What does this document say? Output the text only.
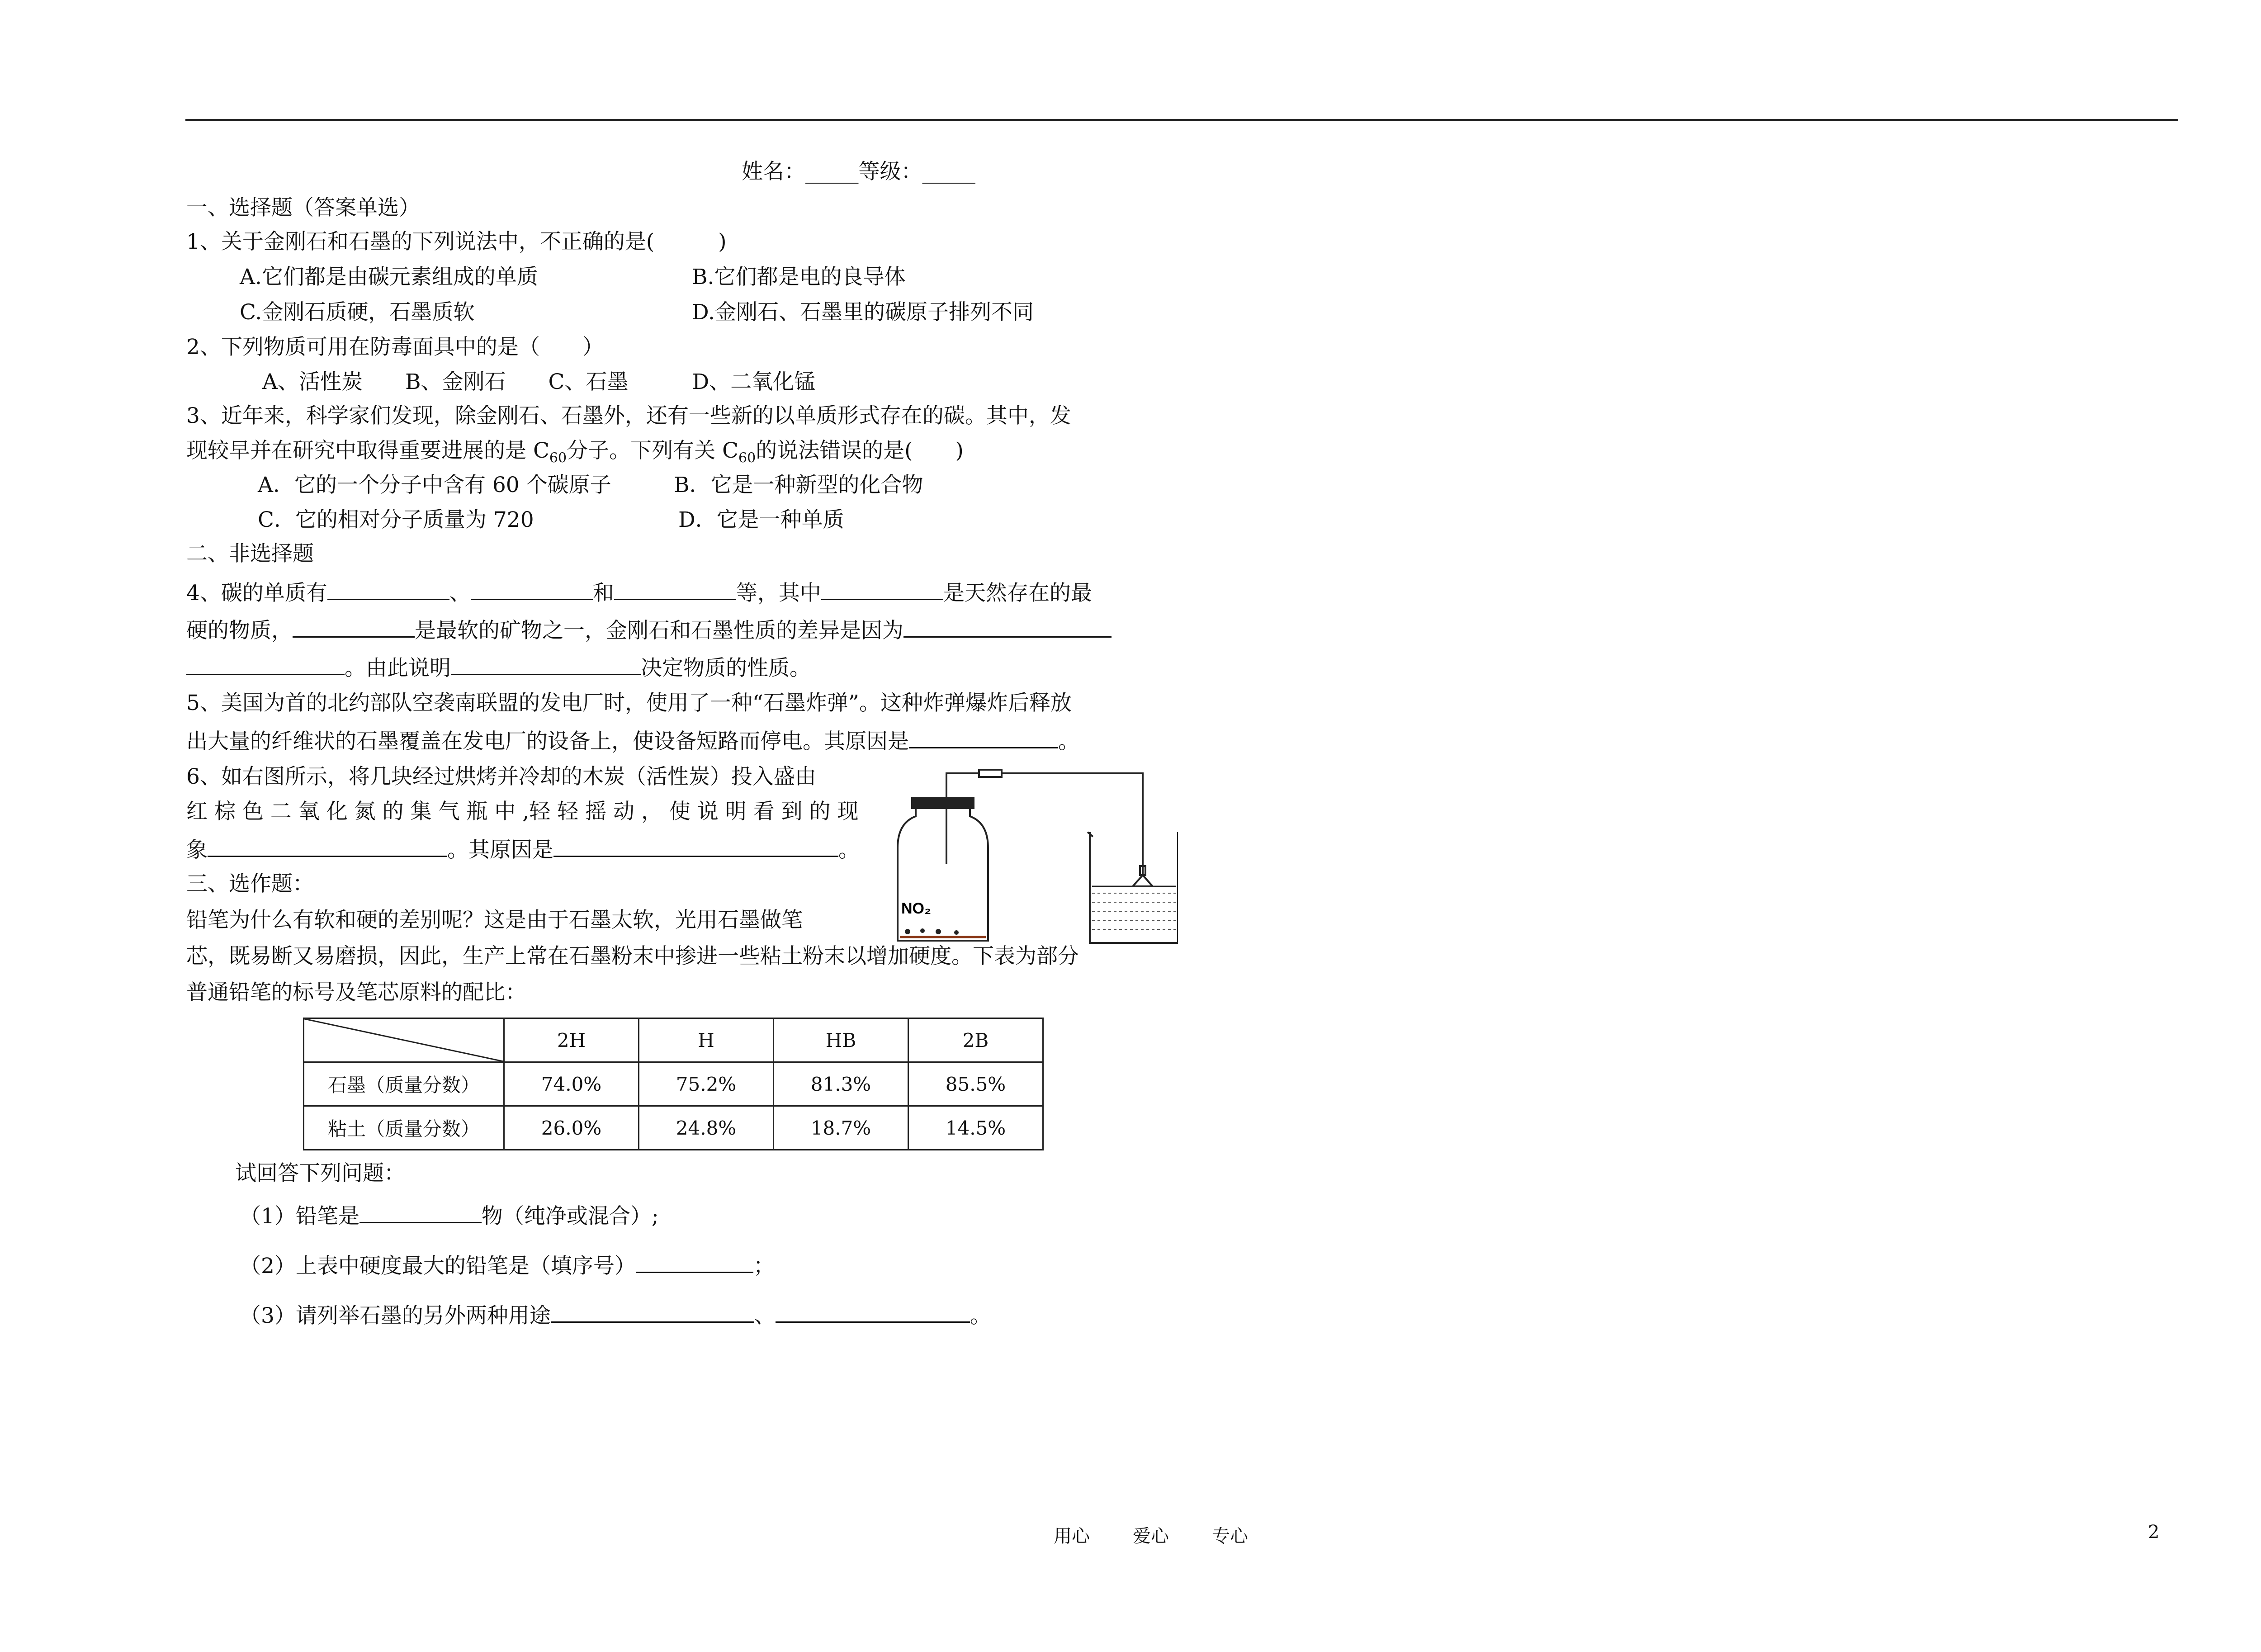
姓名：_____等级：_____
一、选择题（答案单选）
1、关于金刚石和石墨的下列说法中，不正确的是(　　　)
A.它们都是由碳元素组成的单质	B.它们都是电的良导体
C.金刚石质硬，石墨质软	D.金刚石、石墨里的碳原子排列不同
2、下列物质可用在防毒面具中的是（　　）
A、活性炭　　B、金刚石　　C、石墨　　　D、二氧化锰
3、近年来，科学家们发现，除金刚石、石墨外，还有一些新的以单质形式存在的碳。其中，发
现较早并在研究中取得重要进展的是 $C_{60}$分子。下列有关 $C_{60}$的说法错误的是(　　)
A．它的一个分子中含有 60 个碳原子	B．它是一种新型的化合物
C．它的相对分子质量为 720	D．它是一种单质
二、非选择题
4、碳的单质有	、	和	等，其中	是天然存在的最
硬的物质，	是最软的矿物之一，金刚石和石墨性质的差异是因为
。由此说明	决定物质的性质。
5、美国为首的北约部队空袭南联盟的发电厂时，使用了一种“石墨炸弹”。这种炸弹爆炸后释放
出大量的纤维状的石墨覆盖在发电厂的设备上，使设备短路而停电。其原因是	。
6、如右图所示，将几块经过烘烤并冷却的木炭（活性炭）投入盛由
红 棕 色 二 氧 化 氮 的 集 气 瓶 中 ,轻 轻 摇 动 ， 使 说 明 看 到 的 现
象	。其原因是	。
NO₂
三、选作题：
铅笔为什么有软和硬的差别呢？这是由于石墨太软，光用石墨做笔
芯，既易断又易磨损，因此，生产上常在石墨粉末中掺进一些粘土粉末以增加硬度。下表为部分
普通铅笔的标号及笔芯原料的配比：
	2H	H	HB	2B
石墨（质量分数）	74.0%	75.2%	81.3%	85.5%
粘土（质量分数）	26.0%	24.8%	18.7%	14.5%
试回答下列问题：
（1）铅笔是	物（纯净或混合）;
（2）上表中硬度最大的铅笔是（填序号）	；
（3）请列举石墨的另外两种用途	、	。
用心 爱心 专心	2
